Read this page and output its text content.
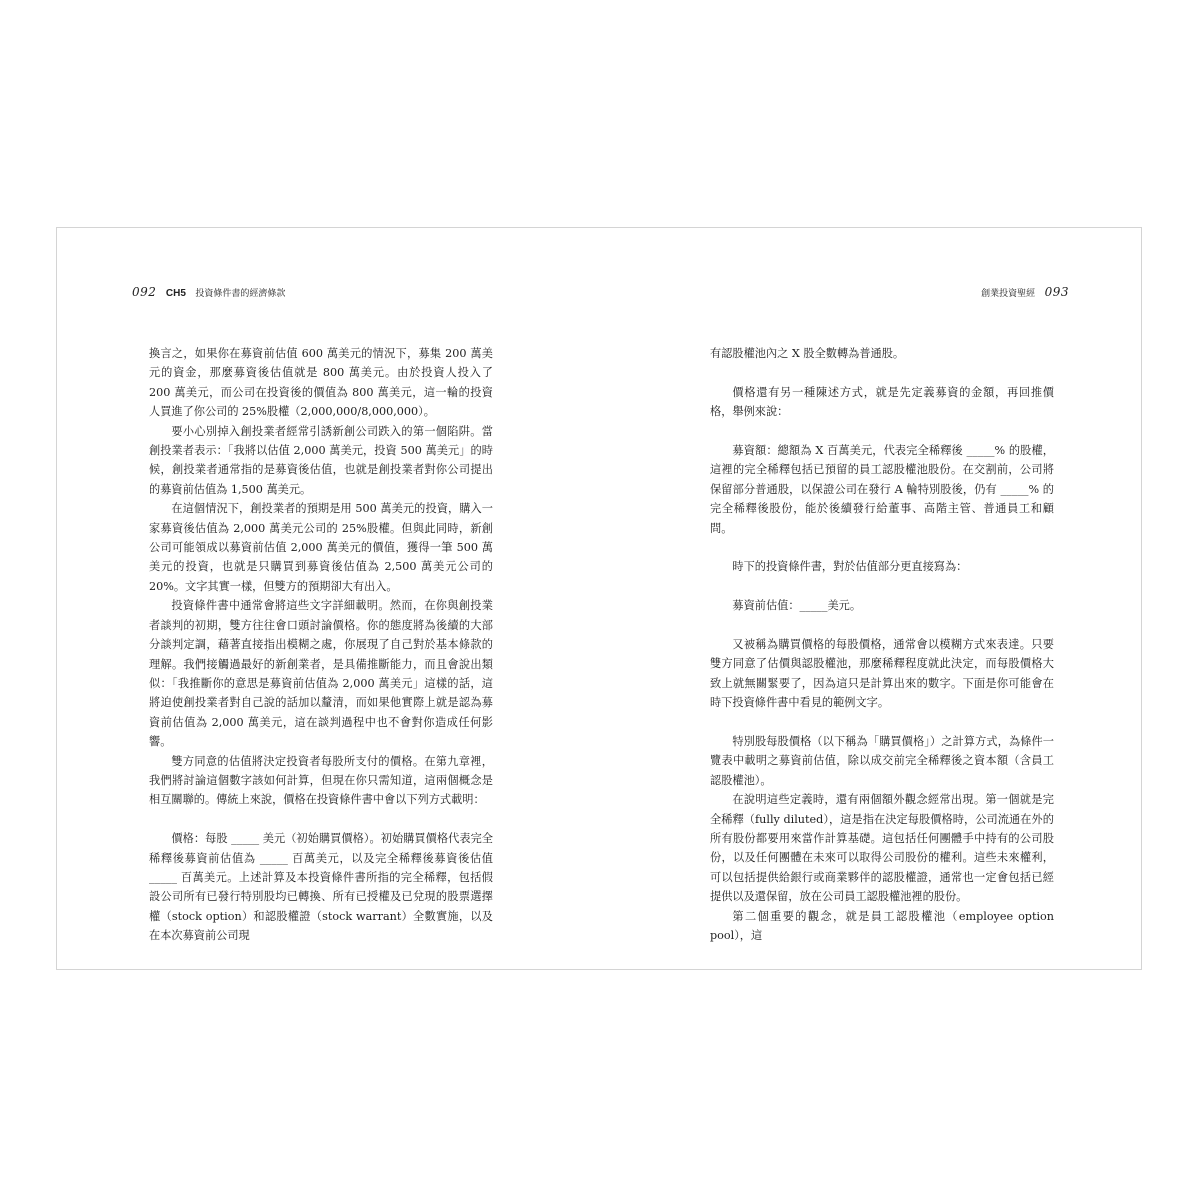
092 CH5 投資條件書的經濟條款

換言之，如果你在募資前估值 600 萬美元的情況下，募集 200 萬美元的資金，那麼募資後估值就是 800 萬美元。由於投資人投入了 200 萬美元，而公司在投資後的價值為 800 萬美元，這一輪的投資人買進了你公司的 25%股權（2,000,000/8,000,000）。

要小心別掉入創投業者經常引誘新創公司跌入的第一個陷阱。當創投業者表示：「我將以估值 2,000 萬美元，投資 500 萬美元」的時候，創投業者通常指的是募資後估值，也就是創投業者對你公司提出的募資前估值為 1,500 萬美元。

在這個情況下，創投業者的預期是用 500 萬美元的投資，購入一家募資後估值為 2,000 萬美元公司的 25%股權。但與此同時，新創公司可能領成以募資前估值 2,000 萬美元的價值，獲得一筆 500 萬美元的投資，也就是只購買到募資後估值為 2,500 萬美元公司的 20%。文字其實一樣，但雙方的預期卻大有出入。

投資條件書中通常會將這些文字詳細載明。然而，在你與創投業者談判的初期，雙方往往會口頭討論價格。你的態度將為後續的大部分談判定調，藉著直接指出模糊之處，你展現了自己對於基本條款的理解。我們接觸過最好的新創業者，是具備推斷能力，而且會說出類似：「我推斷你的意思是募資前估值為 2,000 萬美元」這樣的話，這將迫使創投業者對自己說的話加以釐清，而如果他實際上就是認為募資前估值為 2,000 萬美元，這在談判過程中也不會對你造成任何影響。

雙方同意的估值將決定投資者每股所支付的價格。在第九章裡，我們將討論這個數字該如何計算，但現在你只需知道，這兩個概念是相互關聯的。傳統上來說，價格在投資條件書中會以下列方式載明：

價格：每股 _____ 美元（初始購買價格）。初始購買價格代表完全稀釋後募資前估值為 _____ 百萬美元，以及完全稀釋後募資後估值 _____ 百萬美元。上述計算及本投資條件書所指的完全稀釋，包括假設公司所有已發行特別股均已轉換、所有已授權及已兌現的股票選擇權（stock option）和認股權證（stock warrant）全數實施，以及在本次募資前公司現

創業投資聖經 093

有認股權池內之 X 股全數轉為普通股。

價格還有另一種陳述方式，就是先定義募資的金額，再回推價格，舉例來說：

募資額：總額為 X 百萬美元，代表完全稀釋後 _____% 的股權，這裡的完全稀釋包括已預留的員工認股權池股份。在交割前，公司將保留部分普通股，以保證公司在發行 A 輪特別股後，仍有 _____% 的完全稀釋後股份，能於後續發行給董事、高階主管、普通員工和顧問。

時下的投資條件書，對於估值部分更直接寫為：

募資前估值：_____美元。

又被稱為購買價格的每股價格，通常會以模糊方式來表達。只要雙方同意了估價與認股權池，那麼稀釋程度就此決定，而每股價格大致上就無關緊要了，因為這只是計算出來的數字。下面是你可能會在時下投資條件書中看見的範例文字。

特別股每股價格（以下稱為「購買價格」）之計算方式，為條件一覽表中載明之募資前估值，除以成交前完全稀釋後之資本額（含員工認股權池）。

在說明這些定義時，還有兩個額外觀念經常出現。第一個就是完全稀釋（fully diluted），這是指在決定每股價格時，公司流通在外的所有股份都要用來當作計算基礎。這包括任何團體手中持有的公司股份，以及任何團體在未來可以取得公司股份的權利。這些未來權利，可以包括提供給銀行或商業夥伴的認股權證，通常也一定會包括已經提供以及還保留，放在公司員工認股權池裡的股份。

第二個重要的觀念，就是員工認股權池（employee option pool），這
